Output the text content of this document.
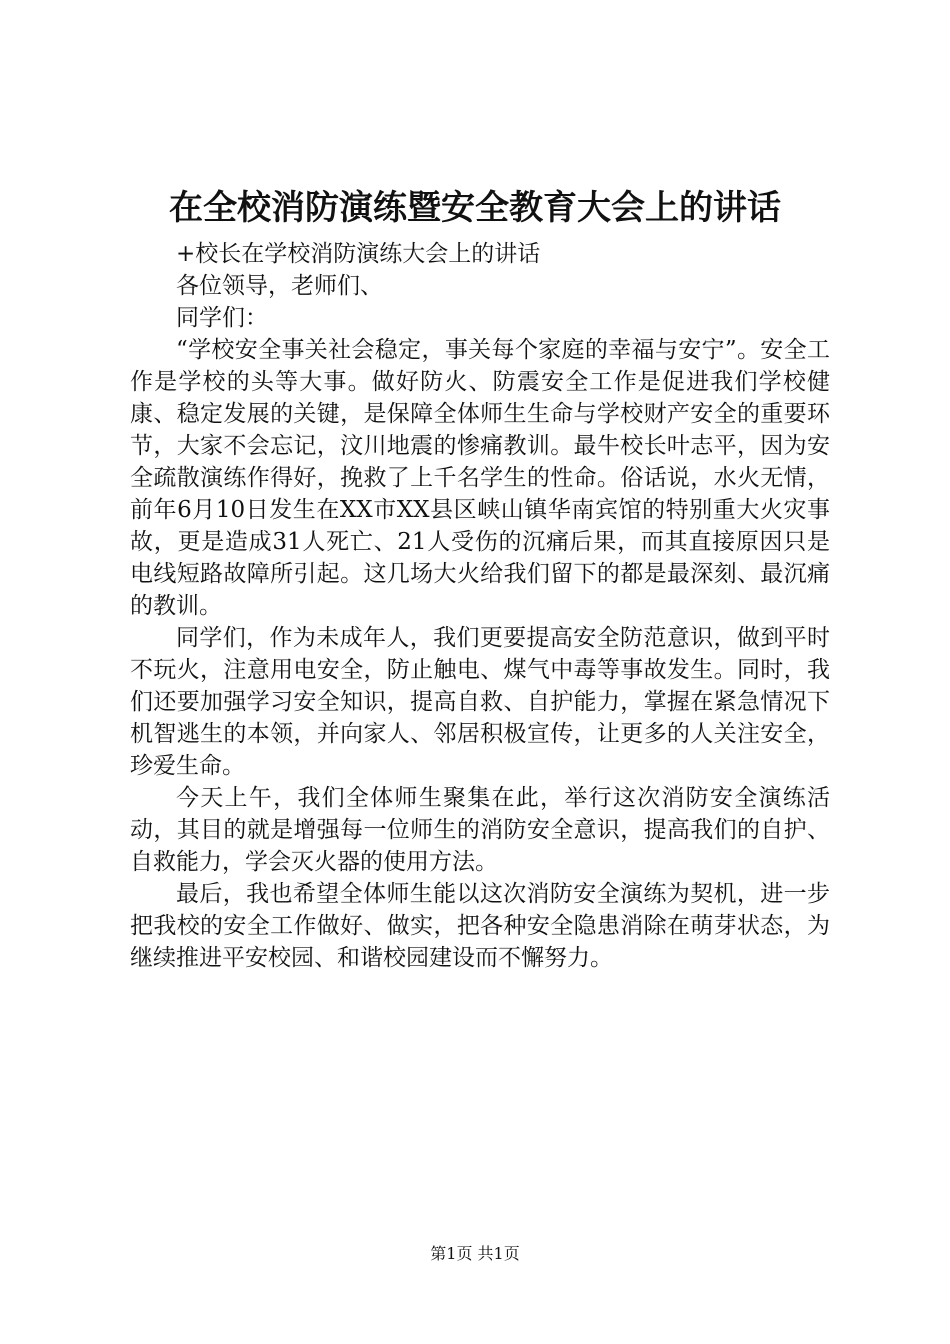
在全校消防演练暨安全教育大会上的讲话

+校长在学校消防演练大会上的讲话

各位领导，老师们、

同学们：

“学校安全事关社会稳定，事关每个家庭的幸福与安宁”。安全工作是学校的头等大事。做好防火、防震安全工作是促进我们学校健康、稳定发展的关键，是保障全体师生生命与学校财产安全的重要环节，大家不会忘记，汶川地震的惨痛教训。最牛校长叶志平，因为安全疏散演练作得好，挽救了上千名学生的性命。俗话说，水火无情，前年6月10日发生在XX市XX县区峡山镇华南宾馆的特别重大火灾事故，更是造成31人死亡、21人受伤的沉痛后果，而其直接原因只是电线短路故障所引起。这几场大火给我们留下的都是最深刻、最沉痛的教训。

同学们，作为未成年人，我们更要提高安全防范意识，做到平时不玩火，注意用电安全，防止触电、煤气中毒等事故发生。同时，我们还要加强学习安全知识，提高自救、自护能力，掌握在紧急情况下机智逃生的本领，并向家人、邻居积极宣传，让更多的人关注安全，珍爱生命。

今天上午，我们全体师生聚集在此，举行这次消防安全演练活动，其目的就是增强每一位师生的消防安全意识，提高我们的自护、自救能力，学会灭火器的使用方法。

最后，我也希望全体师生能以这次消防安全演练为契机，进一步把我校的安全工作做好、做实，把各种安全隐患消除在萌芽状态，为继续推进平安校园、和谐校园建设而不懈努力。

第1页 共1页
